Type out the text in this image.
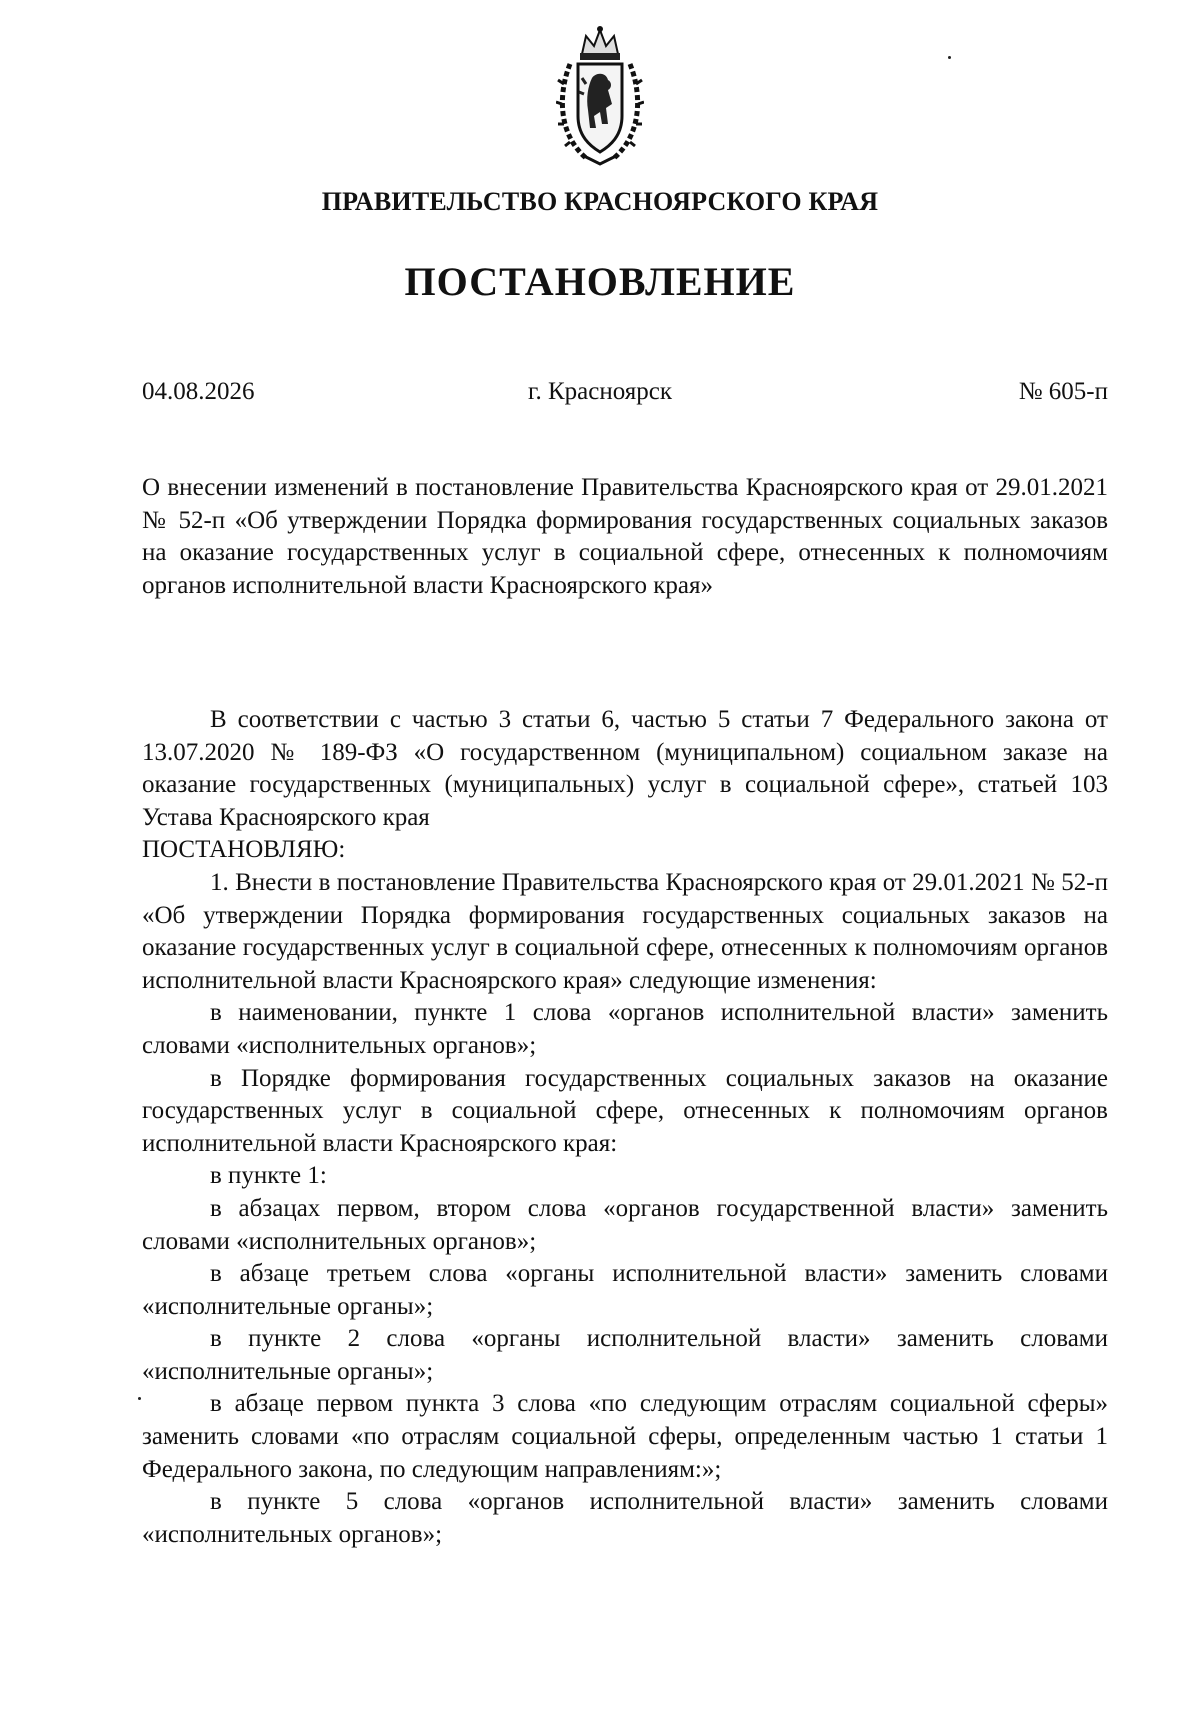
ПРАВИТЕЛЬСТВО КРАСНОЯРСКОГО КРАЯ
ПОСТАНОВЛЕНИЕ
04.08.2026	г. Красноярск	№ 605-п
О внесении изменений в постановление Правительства Красноярского края от 29.01.2021 № 52-п «Об утверждении Порядка формирования государственных социальных заказов на оказание государственных услуг в социальной сфере, отнесенных к полномочиям органов исполнительной власти Красноярского края»

В соответствии с частью 3 статьи 6, частью 5 статьи 7 Федерального закона от 13.07.2020 № 189-ФЗ «О государственном (муниципальном) социальном заказе на оказание государственных (муниципальных) услуг в социальной сфере», статьей 103 Устава Красноярского края

ПОСТАНОВЛЯЮ:

1. Внести в постановление Правительства Красноярского края от 29.01.2021 № 52-п «Об утверждении Порядка формирования государственных социальных заказов на оказание государственных услуг в социальной сфере, отнесенных к полномочиям органов исполнительной власти Красноярского края» следующие изменения:

в наименовании, пункте 1 слова «органов исполнительной власти» заменить словами «исполнительных органов»;

в Порядке формирования государственных социальных заказов на оказание государственных услуг в социальной сфере, отнесенных к полномочиям органов исполнительной власти Красноярского края:

в пункте 1:

в абзацах первом, втором слова «органов государственной власти» заменить словами «исполнительных органов»;

в абзаце третьем слова «органы исполнительной власти» заменить словами «исполнительные органы»;

в пункте 2 слова «органы исполнительной власти» заменить словами «исполнительные органы»;

в абзаце первом пункта 3 слова «по следующим отраслям социальной сферы» заменить словами «по отраслям социальной сферы, определенным частью 1 статьи 1 Федерального закона, по следующим направлениям:»;

в пункте 5 слова «органов исполнительной власти» заменить словами «исполнительных органов»;
